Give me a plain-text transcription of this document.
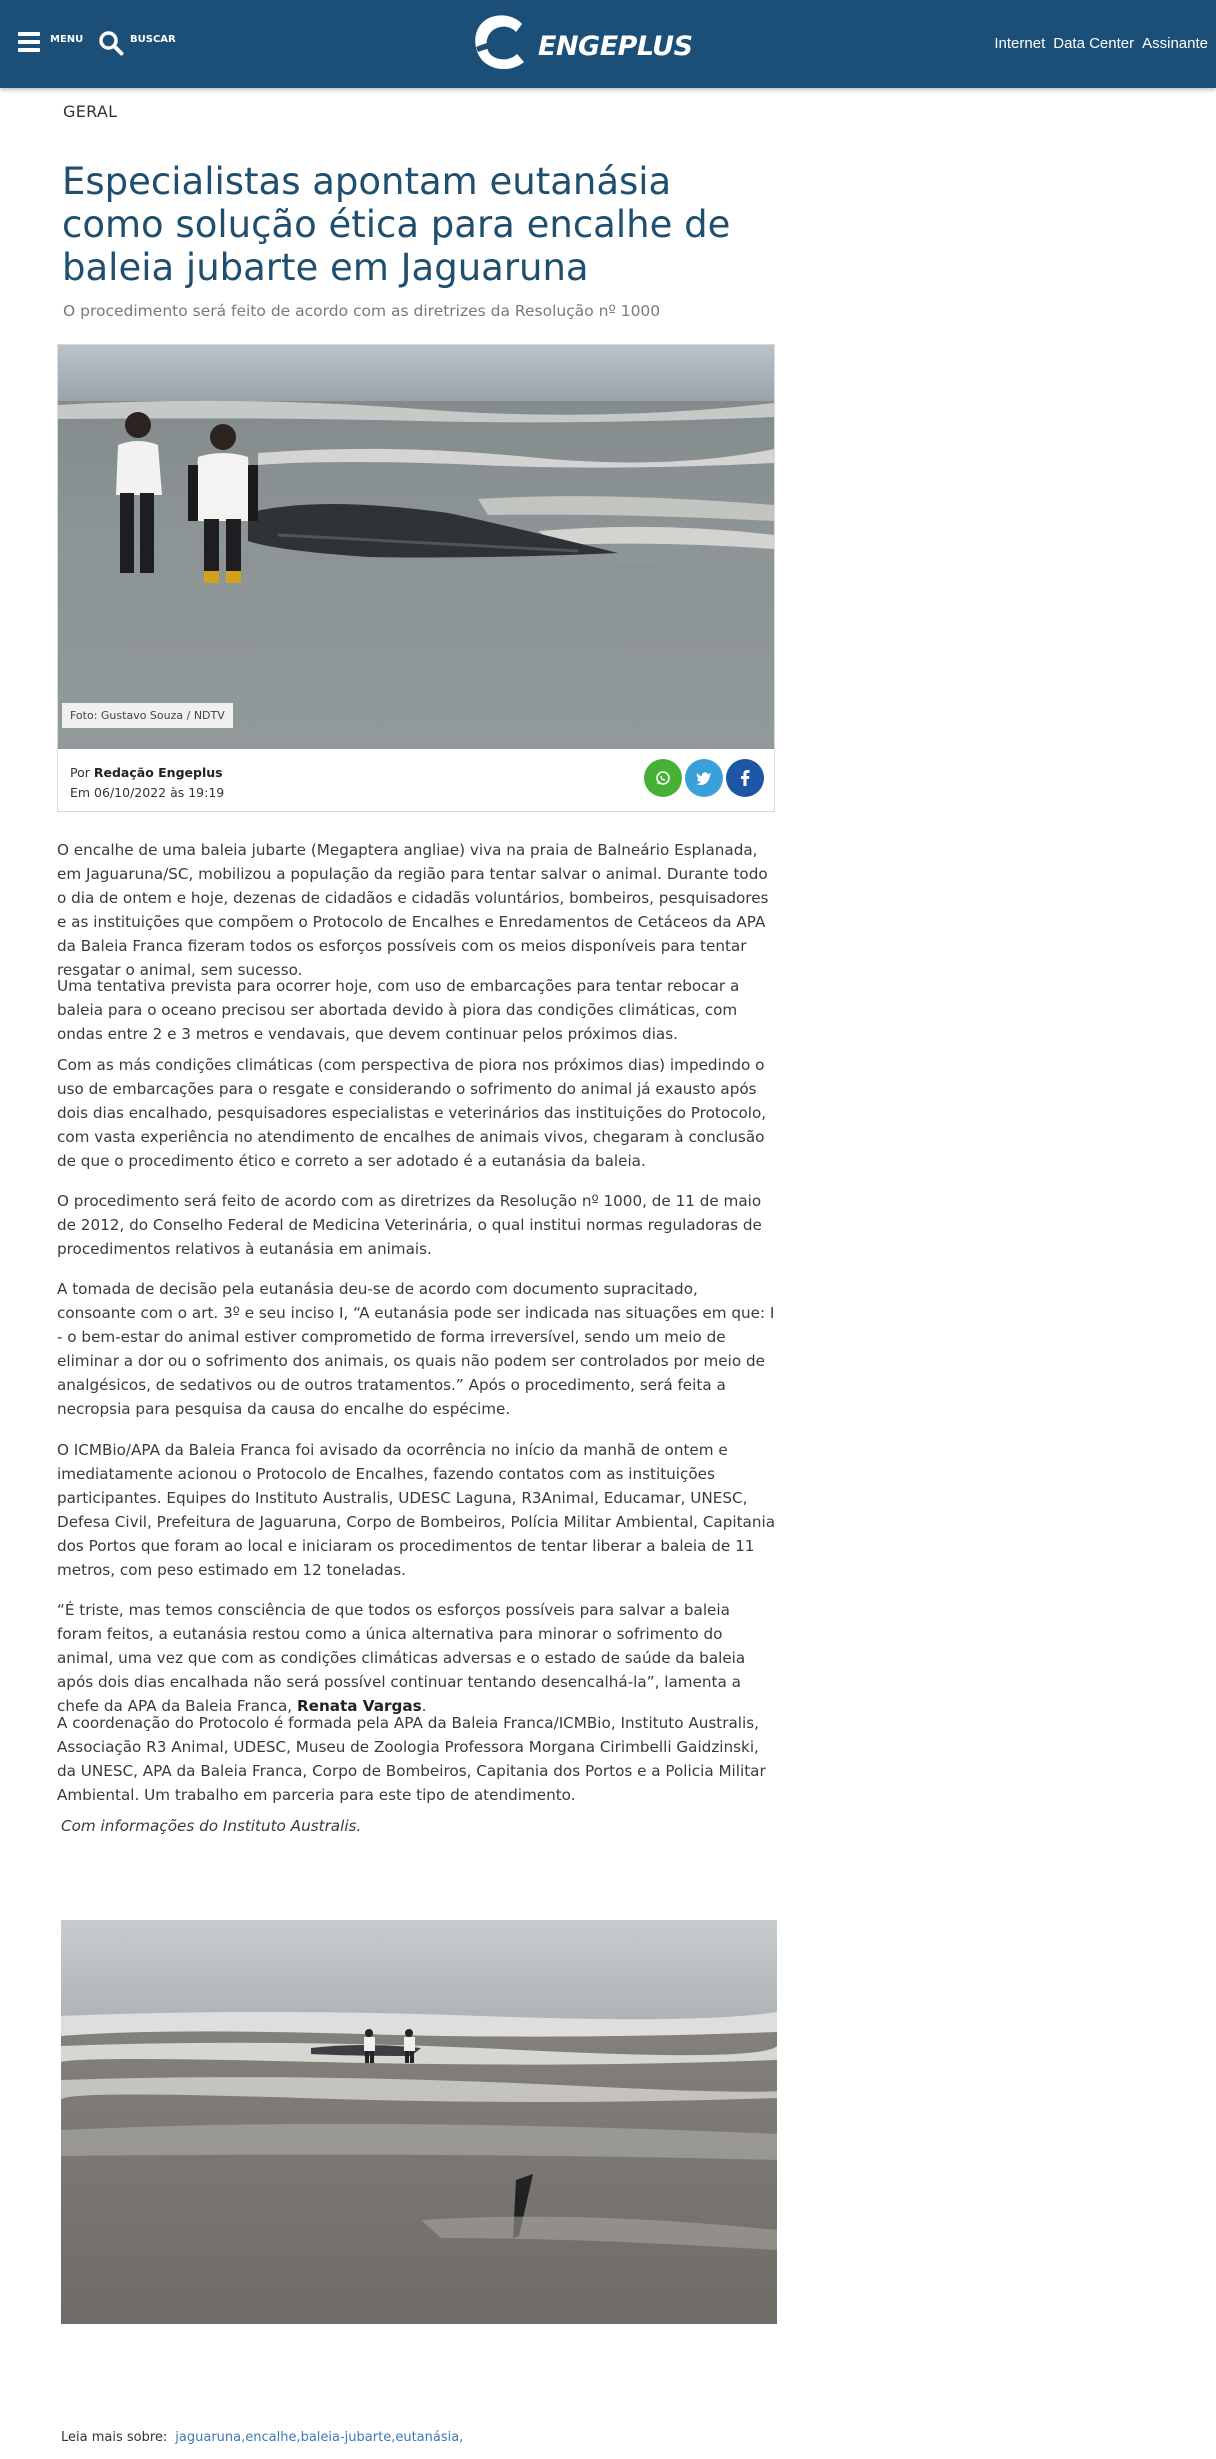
MENU	BUSCAR	ENGEPLUS	Internet Data Center Assinante
GERAL
Especialistas apontam eutanásia como solução ética para encalhe de baleia jubarte em Jaguaruna
O procedimento será feito de acordo com as diretrizes da Resolução nº 1000
Foto: Gustavo Souza / NDTV
Por Redação Engeplus
Em 06/10/2022 às 19:19

O encalhe de uma baleia jubarte (Megaptera angliae) viva na praia de Balneário Esplanada, em Jaguaruna/SC, mobilizou a população da região para tentar salvar o animal. Durante todo o dia de ontem e hoje, dezenas de cidadãos e cidadãs voluntários, bombeiros, pesquisadores e as instituições que compõem o Protocolo de Encalhes e Enredamentos de Cetáceos da APA da Baleia Franca fizeram todos os esforços possíveis com os meios disponíveis para tentar resgatar o animal, sem sucesso.

Uma tentativa prevista para ocorrer hoje, com uso de embarcações para tentar rebocar a baleia para o oceano precisou ser abortada devido à piora das condições climáticas, com ondas entre 2 e 3 metros e vendavais, que devem continuar pelos próximos dias.

Com as más condições climáticas (com perspectiva de piora nos próximos dias) impedindo o uso de embarcações para o resgate e considerando o sofrimento do animal já exausto após dois dias encalhado, pesquisadores especialistas e veterinários das instituições do Protocolo, com vasta experiência no atendimento de encalhes de animais vivos, chegaram à conclusão de que o procedimento ético e correto a ser adotado é a eutanásia da baleia.

O procedimento será feito de acordo com as diretrizes da Resolução nº 1000, de 11 de maio de 2012, do Conselho Federal de Medicina Veterinária, o qual institui normas reguladoras de procedimentos relativos à eutanásia em animais.

A tomada de decisão pela eutanásia deu-se de acordo com documento supracitado, consoante com o art. 3º e seu inciso I, “A eutanásia pode ser indicada nas situações em que: I - o bem-estar do animal estiver comprometido de forma irreversível, sendo um meio de eliminar a dor ou o sofrimento dos animais, os quais não podem ser controlados por meio de analgésicos, de sedativos ou de outros tratamentos.” Após o procedimento, será feita a necropsia para pesquisa da causa do encalhe do espécime.

O ICMBio/APA da Baleia Franca foi avisado da ocorrência no início da manhã de ontem e imediatamente acionou o Protocolo de Encalhes, fazendo contatos com as instituições participantes. Equipes do Instituto Australis, UDESC Laguna, R3Animal, Educamar, UNESC, Defesa Civil, Prefeitura de Jaguaruna, Corpo de Bombeiros, Polícia Militar Ambiental, Capitania dos Portos que foram ao local e iniciaram os procedimentos de tentar liberar a baleia de 11 metros, com peso estimado em 12 toneladas.

“É triste, mas temos consciência de que todos os esforços possíveis para salvar a baleia foram feitos, a eutanásia restou como a única alternativa para minorar o sofrimento do animal, uma vez que com as condições climáticas adversas e o estado de saúde da baleia após dois dias encalhada não será possível continuar tentando desencalhá-la”, lamenta a chefe da APA da Baleia Franca, Renata Vargas.

A coordenação do Protocolo é formada pela APA da Baleia Franca/ICMBio, Instituto Australis, Associação R3 Animal, UDESC, Museu de Zoologia Professora Morgana Cirimbelli Gaidzinski, da UNESC, APA da Baleia Franca, Corpo de Bombeiros, Capitania dos Portos e a Policia Militar Ambiental. Um trabalho em parceria para este tipo de atendimento.

Com informações do Instituto Australis.
Leia mais sobre: jaguaruna,encalhe,baleia-jubarte,eutanásia,
